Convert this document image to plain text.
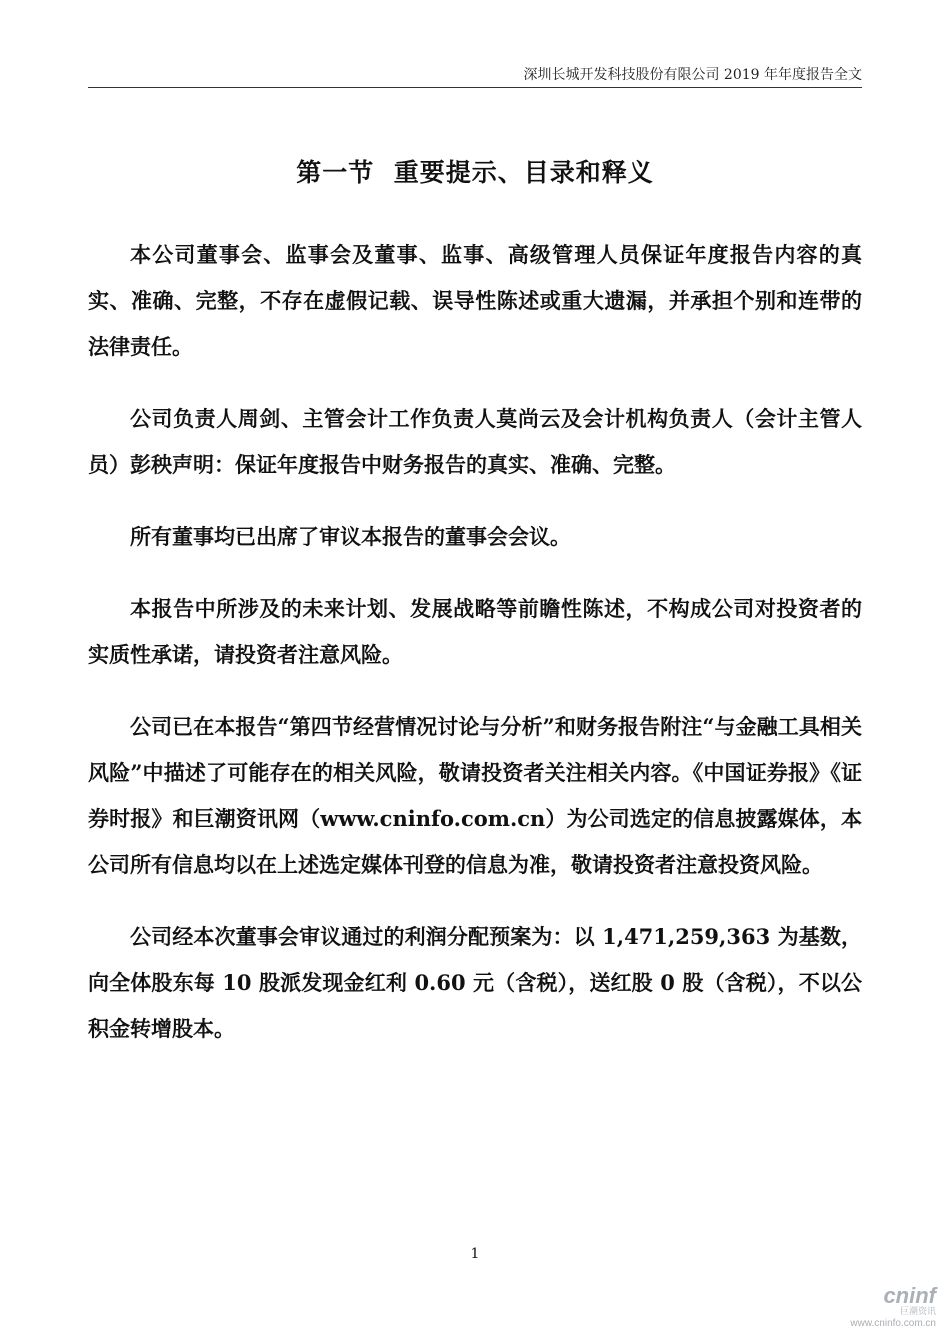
深圳长城开发科技股份有限公司 2019 年年度报告全文
第一节  重要提示、目录和释义

本公司董事会、监事会及董事、监事、高级管理人员保证年度报告内容的真实、准确、完整，不存在虚假记载、误导性陈述或重大遗漏，并承担个别和连带的法律责任。

公司负责人周剑、主管会计工作负责人莫尚云及会计机构负责人（会计主管人员）彭秧声明：保证年度报告中财务报告的真实、准确、完整。

所有董事均已出席了审议本报告的董事会会议。

本报告中所涉及的未来计划、发展战略等前瞻性陈述，不构成公司对投资者的实质性承诺，请投资者注意风险。

公司已在本报告“第四节经营情况讨论与分析”和财务报告附注“与金融工具相关风险”中描述了可能存在的相关风险，敬请投资者关注相关内容。《中国证券报》《证券时报》和巨潮资讯网（www.cninfo.com.cn）为公司选定的信息披露媒体，本公司所有信息均以在上述选定媒体刊登的信息为准，敬请投资者注意投资风险。

公司经本次董事会审议通过的利润分配预案为：以 1,471,259,363 为基数，向全体股东每 10 股派发现金红利 0.60 元（含税），送红股 0 股（含税），不以公积金转增股本。

1
cninf
巨潮资讯
www.cninfo.com.cn
